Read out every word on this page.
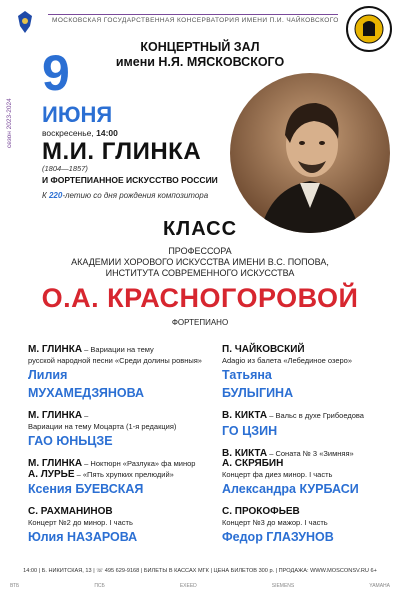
МОСКОВСКАЯ ГОСУДАРСТВЕННАЯ КОНСЕРВАТОРИЯ ИМЕНИ П.И. ЧАЙКОВСКОГО
КОНЦЕРТНЫЙ ЗАЛ
имени Н.Я. МЯСКОВСКОГО
сезон 2023-2024
9
ИЮНЯ
воскресенье, 14:00
М.И. ГЛИНКА
(1804—1857)
И ФОРТЕПИАННОЕ ИСКУССТВО РОССИИ
К 220-летию со дня рождения композитора
КЛАСС
ПРОФЕССОРА
АКАДЕМИИ ХОРОВОГО ИСКУССТВА ИМЕНИ В.С. ПОПОВА,
ИНСТИТУТА СОВРЕМЕННОГО ИСКУССТВА
О.А. КРАСНОГОРОВОЙ
ФОРТЕПИАНО
М. ГЛИНКА – Вариации на тему
русской народной песни «Среди долины ровныя»
Лилия
МУХАМЕДЗЯНОВА
М. ГЛИНКА –
Вариации на тему Моцарта (1-я редакция)
ГАО ЮНЬЦЗЕ
М. ГЛИНКА – Ноктюрн «Разлука» фа минор
А. ЛУРЬЕ – «Пять хрупких прелюдий»
Ксения БУЕВСКАЯ
С. РАХМАНИНОВ
Концерт №2 до минор. I часть
Юлия НАЗАРОВА
П. ЧАЙКОВСКИЙ
Adagio из балета «Лебединое озеро»
Татьяна
БУЛЫГИНА
В. КИКТА – Вальс в духе Грибоедова
ГО ЦЗИН
В. КИКТА – Соната № 3 «Зимняя»
А. СКРЯБИН
Концерт фа диез минор. I часть
Александра КУРБАСИ
С. ПРОКОФЬЕВ
Концерт №3 до мажор. I часть
Федор ГЛАЗУНОВ
14:00 | Б. НИКИТСКАЯ, 13 | ☏ 495 629-9168 | БИЛЕТЫ В КАССАХ МГК | ЦЕНА БИЛЕТОВ 300 р. | ПРОДАЖА: WWW.MOSCONSV.RU 6+
ВТБ	ПСБ	EXEED	SIEMENS	YAMAHA
